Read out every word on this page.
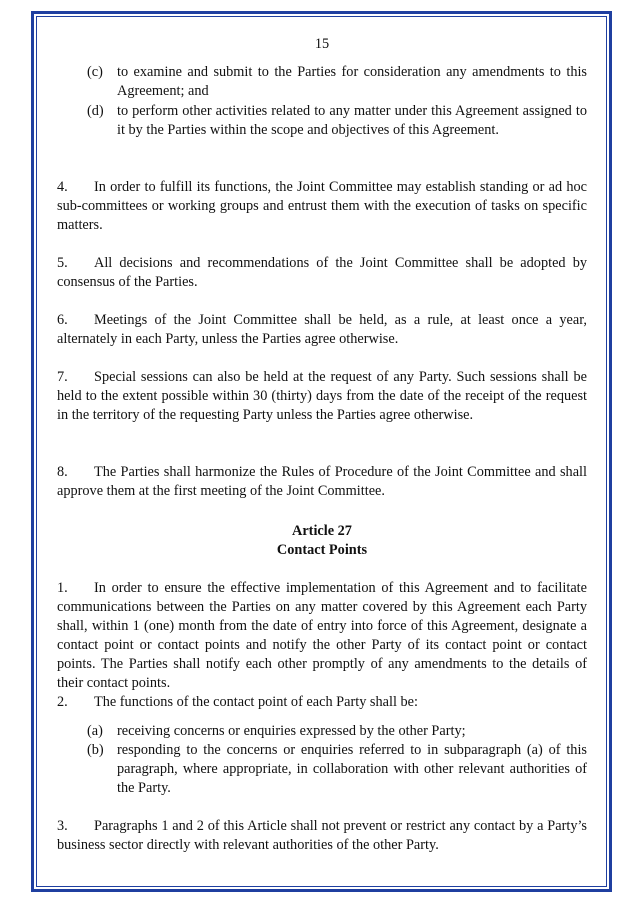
15
(c) to examine and submit to the Parties for consideration any amendments to this Agreement; and
(d) to perform other activities related to any matter under this Agreement assigned to it by the Parties within the scope and objectives of this Agreement.
4. In order to fulfill its functions, the Joint Committee may establish standing or ad hoc sub-committees or working groups and entrust them with the execution of tasks on specific matters.
5. All decisions and recommendations of the Joint Committee shall be adopted by consensus of the Parties.
6. Meetings of the Joint Committee shall be held, as a rule, at least once a year, alternately in each Party, unless the Parties agree otherwise.
7. Special sessions can also be held at the request of any Party. Such sessions shall be held to the extent possible within 30 (thirty) days from the date of the receipt of the request in the territory of the requesting Party unless the Parties agree otherwise.
8. The Parties shall harmonize the Rules of Procedure of the Joint Committee and shall approve them at the first meeting of the Joint Committee.
Article 27
Contact Points
1. In order to ensure the effective implementation of this Agreement and to facilitate communications between the Parties on any matter covered by this Agreement each Party shall, within 1 (one) month from the date of entry into force of this Agreement, designate a contact point or contact points and notify the other Party of its contact point or contact points. The Parties shall notify each other promptly of any amendments to the details of their contact points.
2. The functions of the contact point of each Party shall be:
(a) receiving concerns or enquiries expressed by the other Party;
(b) responding to the concerns or enquiries referred to in subparagraph (a) of this paragraph, where appropriate, in collaboration with other relevant authorities of the Party.
3. Paragraphs 1 and 2 of this Article shall not prevent or restrict any contact by a Party’s business sector directly with relevant authorities of the other Party.
